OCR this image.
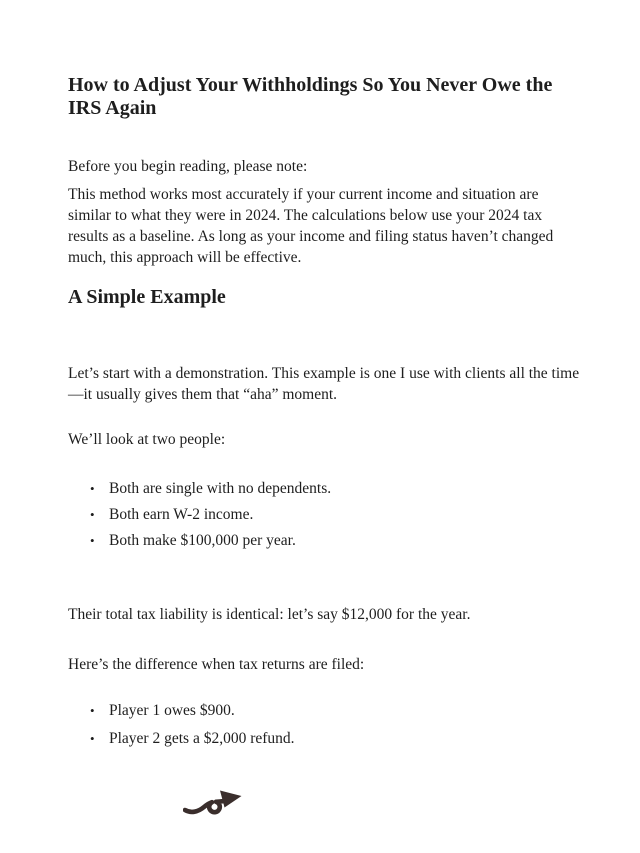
How to Adjust Your Withholdings So You Never Owe the IRS Again

Before you begin reading, please note:

This method works most accurately if your current income and situation are similar to what they were in 2024. The calculations below use your 2024 tax results as a baseline. As long as your income and filing status haven’t changed much, this approach will be effective.

A Simple Example

Let’s start with a demonstration. This example is one I use with clients all the time—it usually gives them that “aha” moment.

We’ll look at two people:

• Both are single with no dependents.
• Both earn W-2 income.
• Both make $100,000 per year.

Their total tax liability is identical: let’s say $12,000 for the year.

Here’s the difference when tax returns are filed:

• Player 1 owes $900.
• Player 2 gets a $2,000 refund.
